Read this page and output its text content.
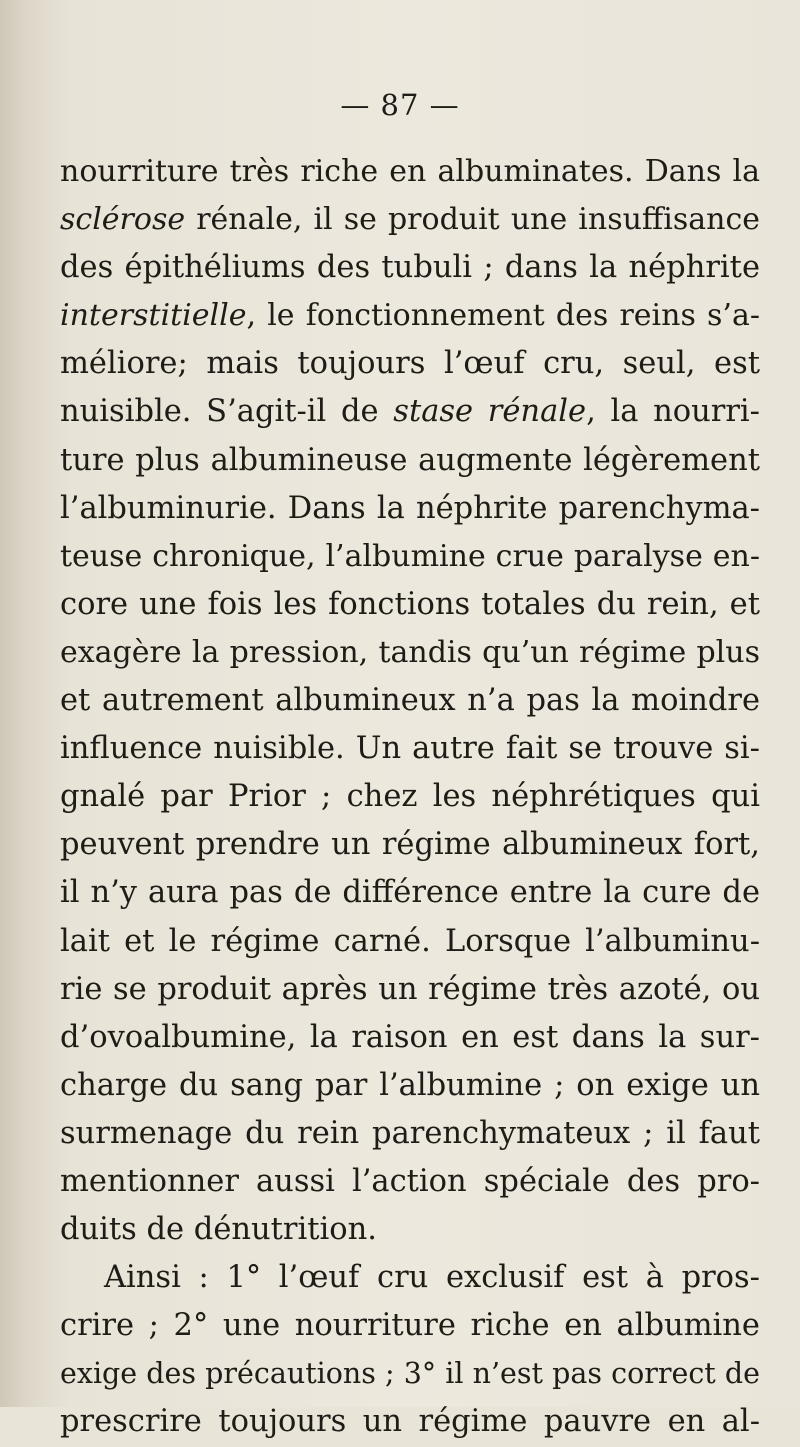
— 87 —
nourriture très riche en albuminates. Dans la
sclérose rénale, il se produit une insuffisance
des épithéliums des tubuli ; dans la néphrite
interstitielle, le fonctionnement des reins s’a-
méliore; mais toujours l’œuf cru, seul, est
nuisible. S’agit-il de stase rénale, la nourri-
ture plus albumineuse augmente légèrement
l’albuminurie. Dans la néphrite parenchyma-
teuse chronique, l’albumine crue paralyse en-
core une fois les fonctions totales du rein, et
exagère la pression, tandis qu’un régime plus
et autrement albumineux n’a pas la moindre
influence nuisible. Un autre fait se trouve si-
gnalé par Prior ; chez les néphrétiques qui
peuvent prendre un régime albumineux fort,
il n’y aura pas de différence entre la cure de
lait et le régime carné. Lorsque l’albuminu-
rie se produit après un régime très azoté, ou
d’ovoalbumine, la raison en est dans la sur-
charge du sang par l’albumine ; on exige un
surmenage du rein parenchymateux ; il faut
mentionner aussi l’action spéciale des pro-
duits de dénutrition.
Ainsi : 1° l’œuf cru exclusif est à pros-
crire ; 2° une nourriture riche en albumine
exige des précautions ; 3° il n’est pas correct de
prescrire toujours un régime pauvre en al-
